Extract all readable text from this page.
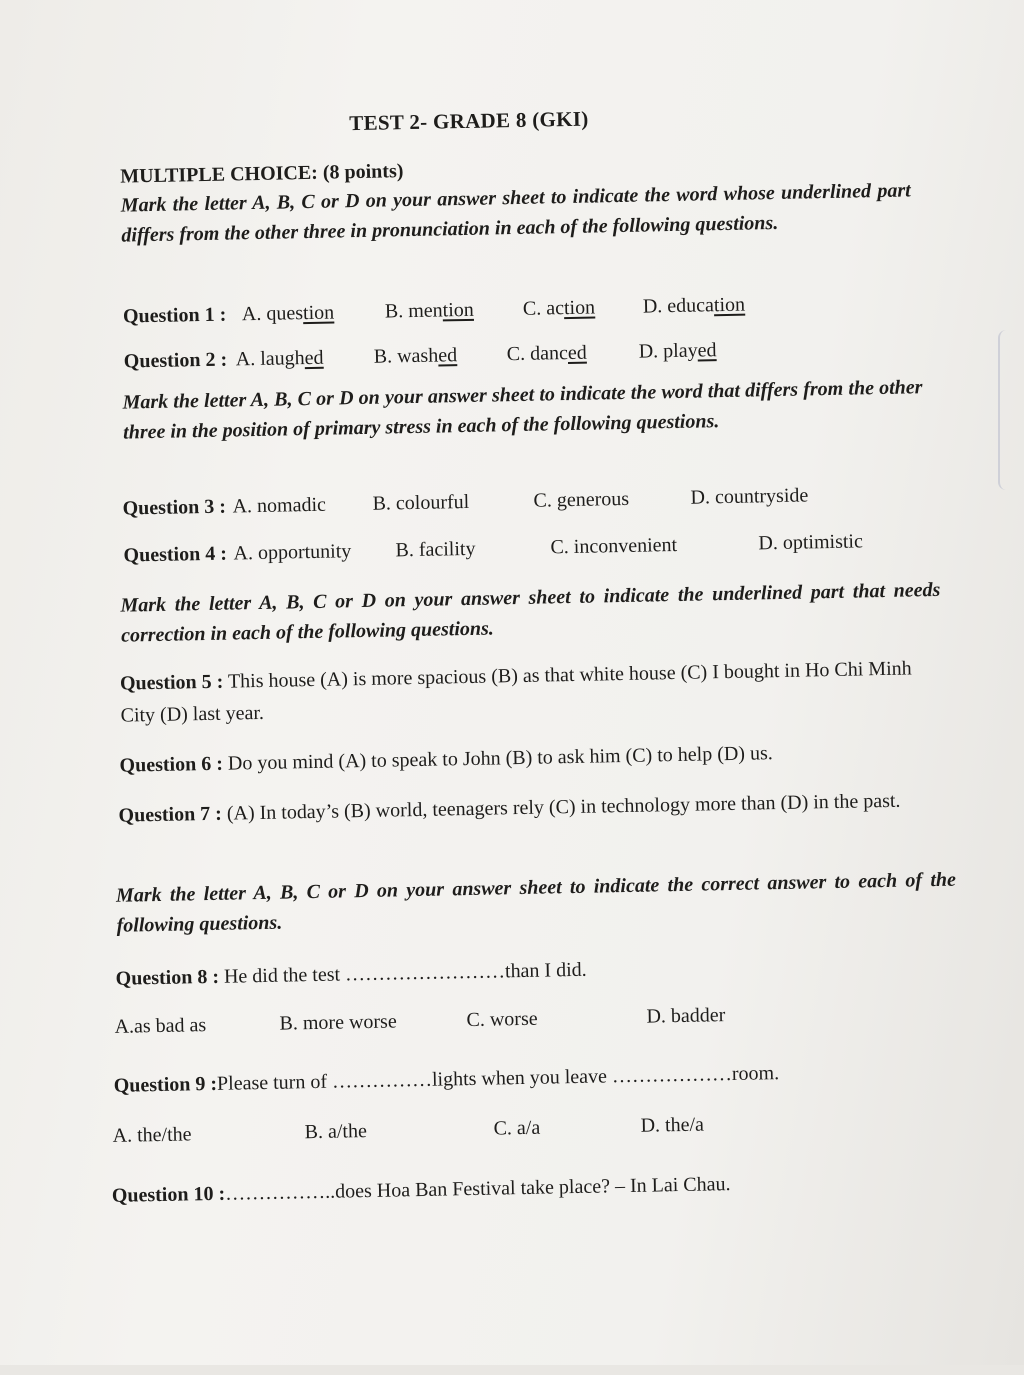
TEST 2- GRADE 8 (GKI)
MULTIPLE CHOICE: (8 points)
Mark the letter A, B, C or D on your answer sheet to indicate the word whose underlined part differs from the other three in pronunciation in each of the following questions.
Question 1 : A. question	B. mention C. action D. education
Question 2 : A. laughed B. washed C. danced	D. played
Mark the letter A, B, C or D on your answer sheet to indicate the word that differs from the other three in the position of primary stress in each of the following questions.
Question 3 : A. nomadic B. colourful	C. generous	D. countryside
Question 4 : A. opportunity B. facility	C. inconvenient	D. optimistic
Mark the letter A, B, C or D on your answer sheet to indicate the underlined part that needs correction in each of the following questions.
Question 5 : This house (A) is more spacious (B) as that white house (C) I bought in Ho Chi Minh City (D) last year.
Question 6 : Do you mind (A) to speak to John (B) to ask him (C) to help (D) us.
Question 7 : (A) In today’s (B) world, teenagers rely (C) in technology more than (D) in the past.
Mark the letter A, B, C or D on your answer sheet to indicate the correct answer to each of the following questions.
Question 8 : He did the test ……………………than I did.
A.as bad as	B. more worse	C. worse	D. badder
Question 9 :Please turn of ……………lights when you leave ………………room.
A. the/the	B. a/the	C. a/a	D. the/a
Question 10 :……………..does Hoa Ban Festival take place? – In Lai Chau.
